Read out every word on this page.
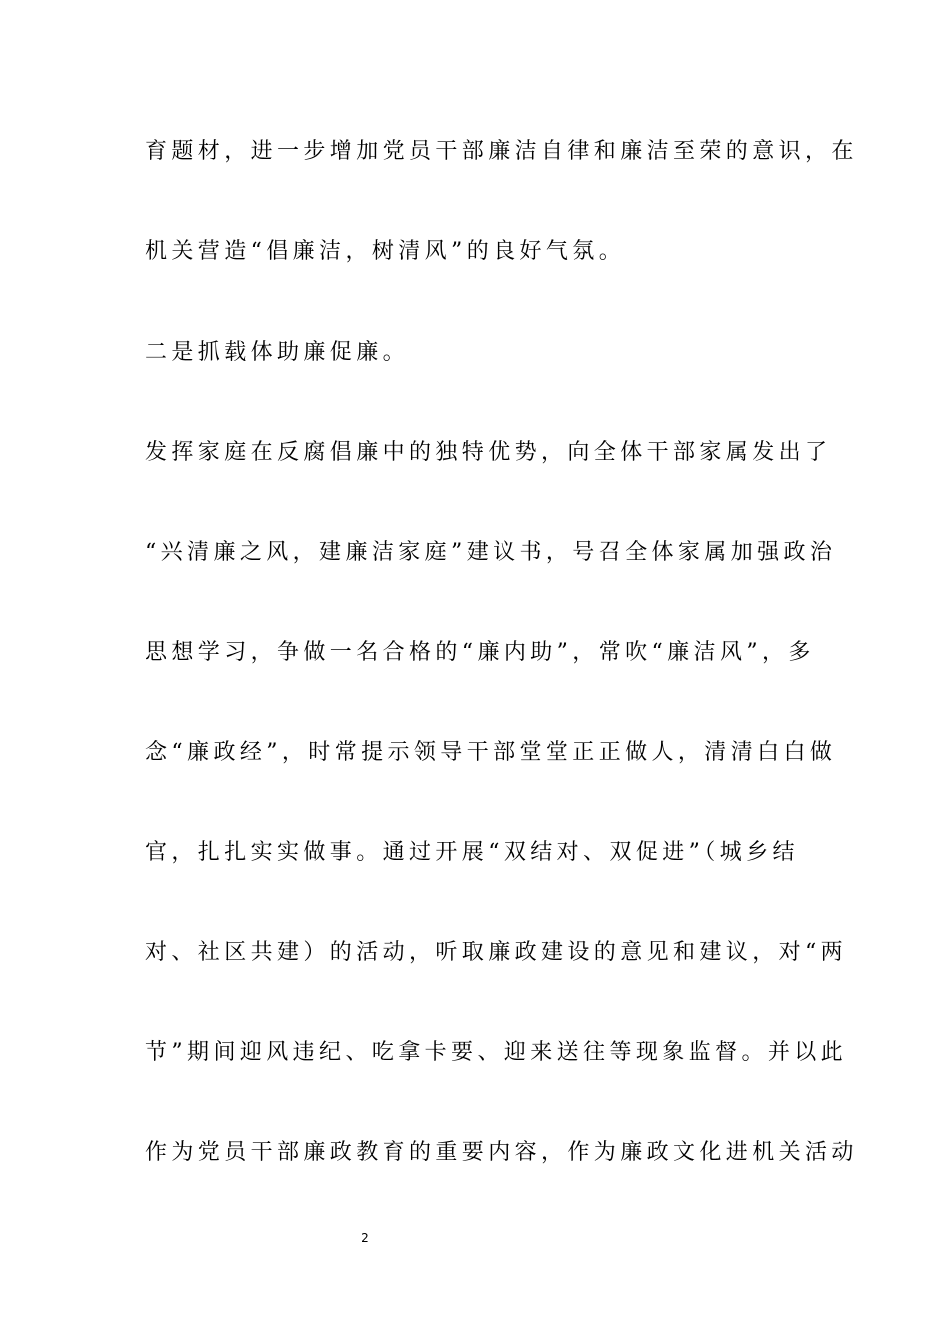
育题材，进一步增加党员干部廉洁自律和廉洁至荣的意识，在
机关营造“倡廉洁，树清风”的良好气氛。
二是抓载体助廉促廉。
发挥家庭在反腐倡廉中的独特优势，向全体干部家属发出了
“兴清廉之风，建廉洁家庭”建议书，号召全体家属加强政治
思想学习，争做一名合格的“廉内助”，常吹“廉洁风”，多
念“廉政经”，时常提示领导干部堂堂正正做人，清清白白做
官，扎扎实实做事。通过开展“双结对、双促进”（城乡结
对、社区共建）的活动，听取廉政建设的意见和建议，对“两
节”期间迎风违纪、吃拿卡要、迎来送往等现象监督。并以此
作为党员干部廉政教育的重要内容，作为廉政文化进机关活动
2
